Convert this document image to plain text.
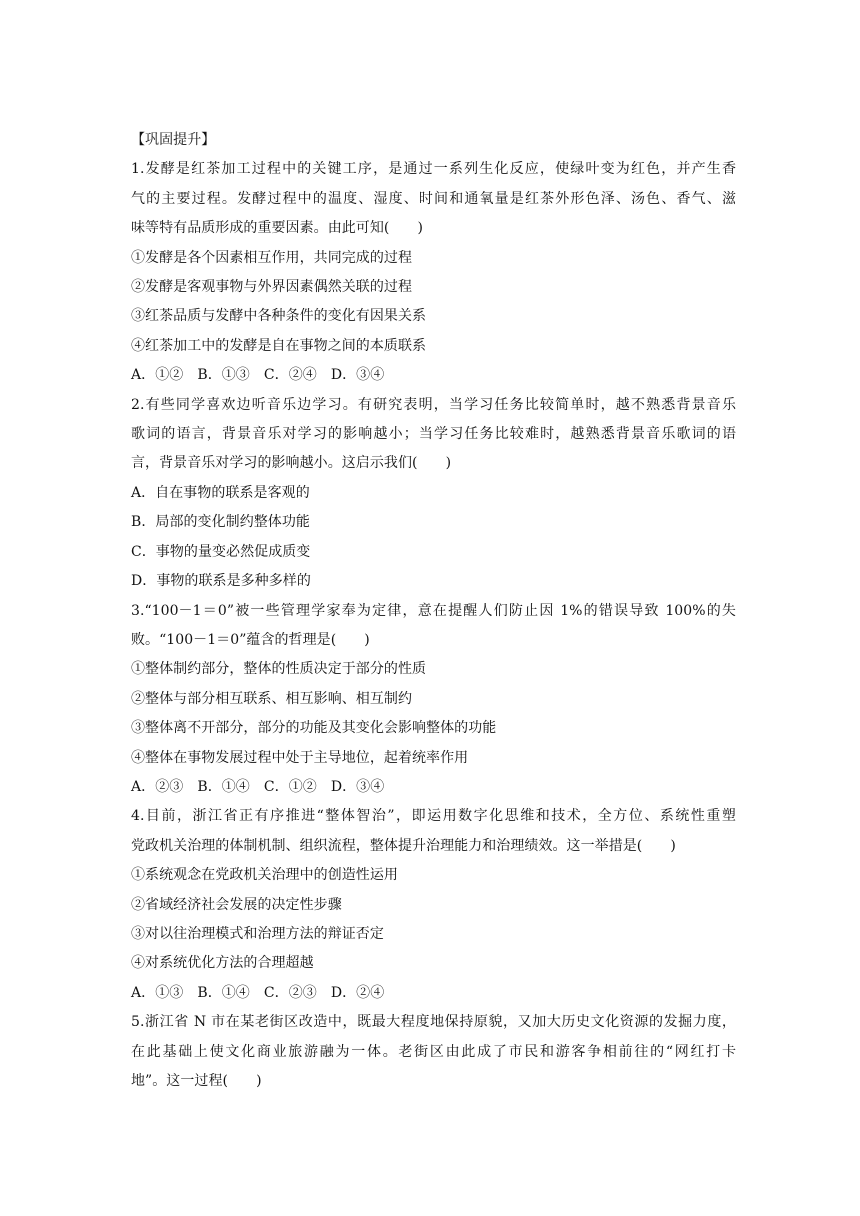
【巩固提升】
1.发酵是红茶加工过程中的关键工序，是通过一系列生化反应，使绿叶变为红色，并产生香
气的主要过程。发酵过程中的温度、湿度、时间和通氧量是红茶外形色泽、汤色、香气、滋
味等特有品质形成的重要因素。由此可知(　　)
①发酵是各个因素相互作用，共同完成的过程
②发酵是客观事物与外界因素偶然关联的过程
③红茶品质与发酵中各种条件的变化有因果关系
④红茶加工中的发酵是自在事物之间的本质联系
A．①②　B．①③　C．②④　D．③④
2.有些同学喜欢边听音乐边学习。有研究表明，当学习任务比较简单时，越不熟悉背景音乐
歌词的语言，背景音乐对学习的影响越小；当学习任务比较难时，越熟悉背景音乐歌词的语
言，背景音乐对学习的影响越小。这启示我们(　　)
A．自在事物的联系是客观的
B．局部的变化制约整体功能
C．事物的量变必然促成质变
D．事物的联系是多种多样的
3.“100－1＝0”被一些管理学家奉为定律，意在提醒人们防止因 1%的错误导致 100%的失
败。“100－1＝0”蕴含的哲理是(　　)
①整体制约部分，整体的性质决定于部分的性质
②整体与部分相互联系、相互影响、相互制约
③整体离不开部分，部分的功能及其变化会影响整体的功能
④整体在事物发展过程中处于主导地位，起着统率作用
A．②③　B．①④　C．①②　D．③④
4.目前，浙江省正有序推进“整体智治”，即运用数字化思维和技术，全方位、系统性重塑
党政机关治理的体制机制、组织流程，整体提升治理能力和治理绩效。这一举措是(　　)
①系统观念在党政机关治理中的创造性运用
②省域经济社会发展的决定性步骤
③对以往治理模式和治理方法的辩证否定
④对系统优化方法的合理超越
A．①③　B．①④　C．②③　D．②④
5.浙江省 N 市在某老街区改造中，既最大程度地保持原貌，又加大历史文化资源的发掘力度，
在此基础上使文化商业旅游融为一体。老街区由此成了市民和游客争相前往的“网红打卡
地”。这一过程(　　)
